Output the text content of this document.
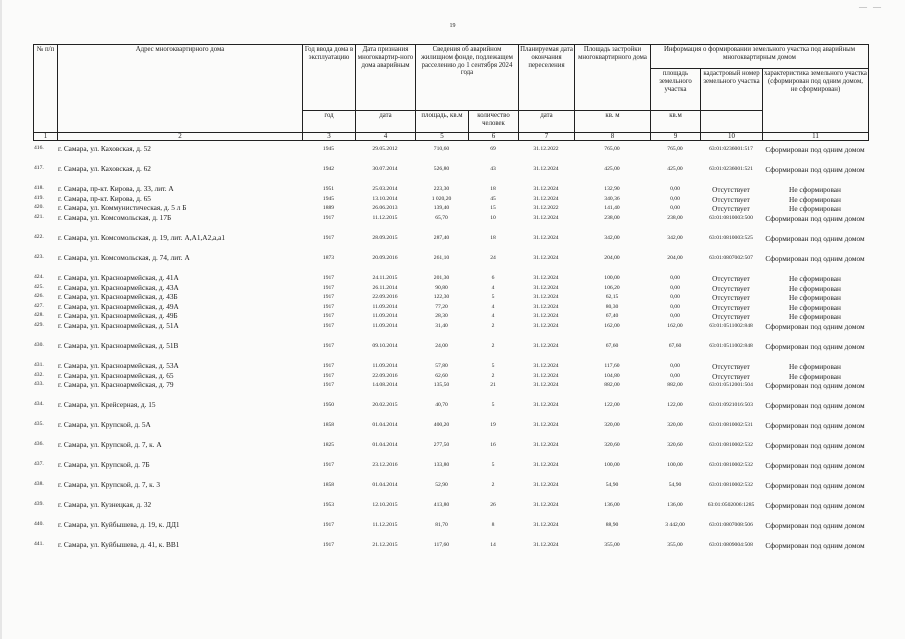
— —
19
№ п/п	Адрес многоквартирного дома	Год ввода дома в эксплуатацию	Дата признания многоквартир-ного дома аварийным	Сведения об аварийном жилищном фонде, подлежащем расселению до 1 сентября 2024 года		Планируемая дата окончания переселения	Площадь застройки многоквартирного дома	Информация о формировании земельного участка под аварийным многоквартирным домом		
								площадь земельного участка	кадастровый номер земельного участка	характеристика земельного участка (сформирован под одним домом, не сформирован)
		год	дата	площадь, кв.м	количество человек	дата	кв. м	кв.м		
1	2	3	4	5	6	7	8	9	10	11
416.	г. Самара, ул. Каховская, д. 52	1945	29.05.2012	710,60	69	31.12.2022	765,00	765,00	63:01:0236001:517	Сформирован под одним домом
417.	г. Самара, ул. Каховская, д. 62	1942	30.07.2014	526,80	43	31.12.2024	425,00	425,00	63:01:0236001:521	Сформирован под одним домом
418.	г. Самара, пр-кт. Кирова, д. 33, лит. А	1951	25.03.2014	223,30	18	31.12.2024	132,90	0,00	Отсутствует	Не сформирован
419.	г. Самара, пр-кт. Кирова, д. 65	1945	13.10.2014	1 020,20	45	31.12.2024	340,36	0,00	Отсутствует	Не сформирован
420.	г. Самара, ул. Коммунистическая, д. 5 л Б	1889	26.06.2013	139,40	15	31.12.2022	141,40	0,00	Отсутствует	Не сформирован
421.	г. Самара, ул. Комсомольская, д. 17Б	1917	11.12.2015	65,70	10	31.12.2024	238,00	238,00	63:01:0810003:500	Сформирован под одним домом
422.	г. Самара, ул. Комсомольская, д. 19, лит. А,А1,А2,а,а1	1917	28.09.2015	287,40	18	31.12.2024	342,00	342,00	63:01:0810003:525	Сформирован под одним домом
423.	г. Самара, ул. Комсомольская, д. 74, лит. А	1873	20.09.2016	261,10	24	31.12.2024	204,00	204,00	63:01:0807002:507	Сформирован под одним домом
424.	г. Самара, ул. Красноармейская, д. 41А	1917	24.11.2015	201,30	6	31.12.2024	100,00	0,00	Отсутствует	Не сформирован
425.	г. Самара, ул. Красноармейская, д. 43А	1917	26.11.2014	90,80	4	31.12.2024	106,20	0,00	Отсутствует	Не сформирован
426.	г. Самара, ул. Красноармейская, д. 43Б	1917	22.09.2016	122,30	5	31.12.2024	62,15	0,00	Отсутствует	Не сформирован
427.	г. Самара, ул. Красноармейская, д. 49А	1917	11.09.2014	77,20	4	31.12.2024	80,30	0,00	Отсутствует	Не сформирован
428.	г. Самара, ул. Красноармейская, д. 49Б	1917	11.09.2014	28,30	4	31.12.2024	67,40	0,00	Отсутствует	Не сформирован
429.	г. Самара, ул. Красноармейская, д. 51А	1917	11.09.2014	31,40	2	31.12.2024	162,00	162,00	63:01:0511002:848	Сформирован под одним домом
430.	г. Самара, ул. Красноармейская, д. 51В	1917	09.10.2014	24,00	2	31.12.2024	67,60	67,60	63:01:0511002:848	Сформирован под одним домом
431.	г. Самара, ул. Красноармейская, д. 53А	1917	11.09.2014	57,80	5	31.12.2024	117,60	0,00	Отсутствует	Не сформирован
432.	г. Самара, ул. Красноармейская, д. 65	1917	22.09.2016	62,60	2	31.12.2024	104,80	0,00	Отсутствует	Не сформирован
433.	г. Самара, ул. Красноармейская, д. 79	1917	14.08.2014	135,50	21	31.12.2024	882,00	882,00	63:01:0512001:504	Сформирован под одним домом
434.	г. Самара, ул. Крейсерная, д. 15	1950	20.02.2015	40,70	5	31.12.2024	122,00	122,00	63:01:0921016:503	Сформирован под одним домом
435.	г. Самара, ул. Крупской, д. 5А	1858	01.04.2014	400,20	19	31.12.2024	320,00	320,00	63:01:0810002:531	Сформирован под одним домом
436.	г. Самара, ул. Крупской, д. 7, к. А	1825	01.04.2014	277,50	16	31.12.2024	320,60	320,60	63:01:0810002:532	Сформирован под одним домом
437.	г. Самара, ул. Крупской, д. 7Б	1917	23.12.2016	133,80	5	31.12.2024	100,00	100,00	63:01:0810002:532	Сформирован под одним домом
438.	г. Самара, ул. Крупской, д. 7, к. 3	1858	01.04.2014	52,90	2	31.12.2024	54,90	54,90	63:01:0810002:532	Сформирован под одним домом
439.	г. Самара, ул. Кузнецкая, д. 32	1953	12.10.2015	413,80	26	31.12.2024	136,00	136,00	63:01:0502006:1285	Сформирован под одним домом
440.	г. Самара, ул. Куйбышева, д. 19, к. ДД1	1917	11.12.2015	81,70	8	31.12.2024	88,90	3 442,00	63:01:0807008:506	Сформирован под одним домом
441.	г. Самара, ул. Куйбышева, д. 41, к. ВВ1	1917	21.12.2015	117,60	14	31.12.2024	355,00	355,00	63:01:0809004:508	Сформирован под одним домом
